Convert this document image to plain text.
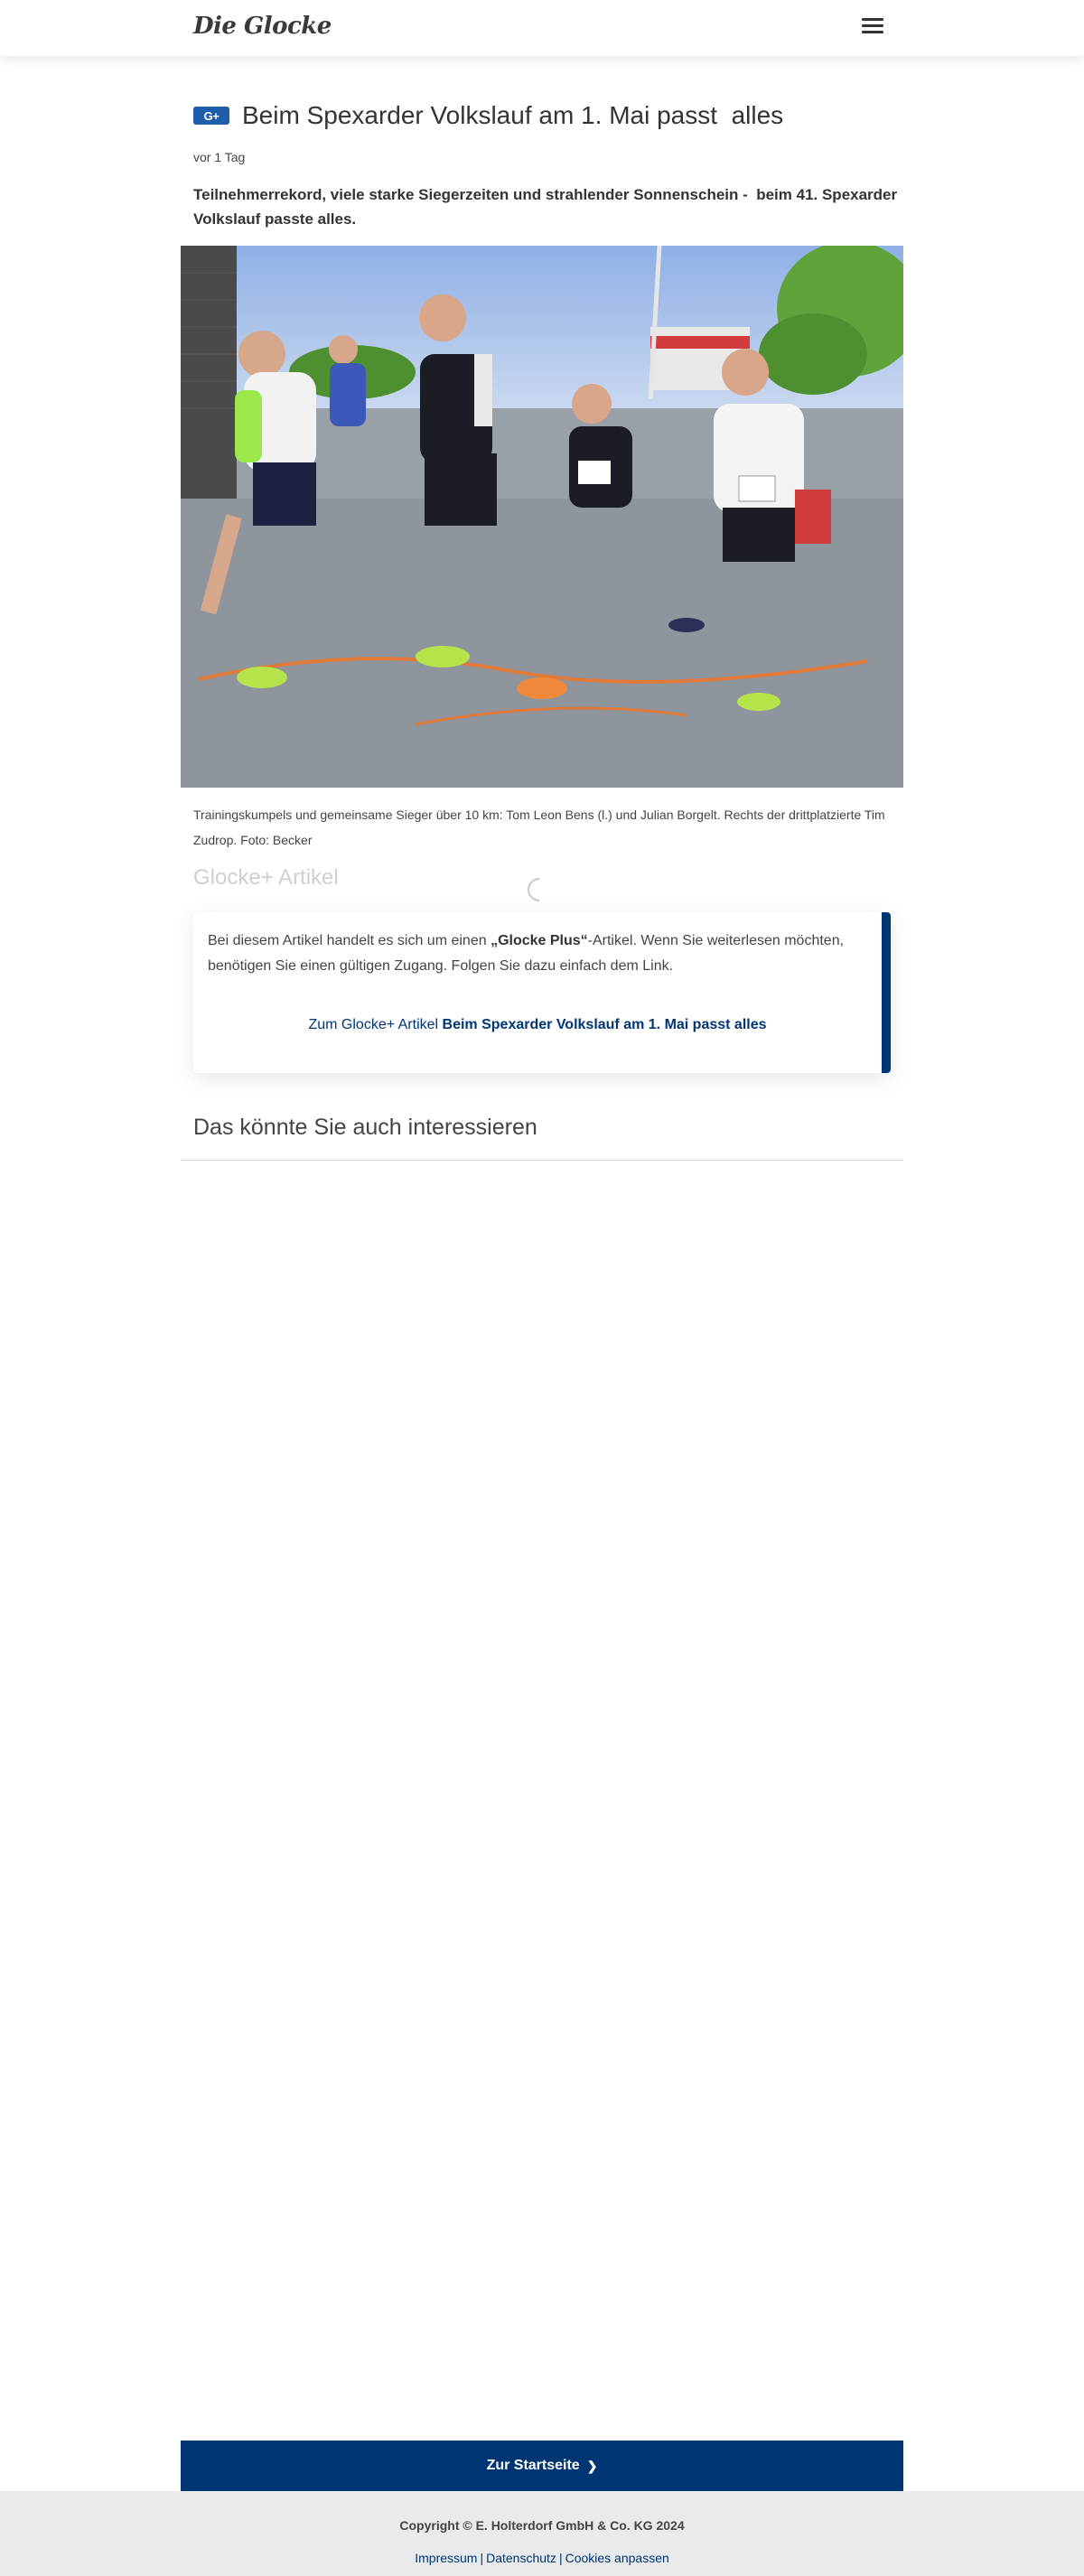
Die Glocke
G+ Beim Spexarder Volkslauf am 1. Mai passt  alles
vor 1 Tag

Teilnehmerrekord, viele starke Siegerzeiten und strahlender Sonnenschein -  beim 41. Spexarder Volkslauf passte alles.

Trainingskumpels und gemeinsame Sieger über 10 km: Tom Leon Bens (l.) und Julian Borgelt. Rechts der drittplatzierte Tim Zudrop. Foto: Becker

Glocke+ Artikel

Bei diesem Artikel handelt es sich um einen „Glocke Plus“-Artikel. Wenn Sie weiterlesen möchten, benötigen Sie einen gültigen Zugang. Folgen Sie dazu einfach dem Link.

Zum Glocke+ Artikel Beim Spexarder Volkslauf am 1. Mai passt alles
Das könnte Sie auch interessieren
Zur Startseite ❯
Copyright © E. Holterdorf GmbH & Co. KG 2024
Impressum | Datenschutz | Cookies anpassen
